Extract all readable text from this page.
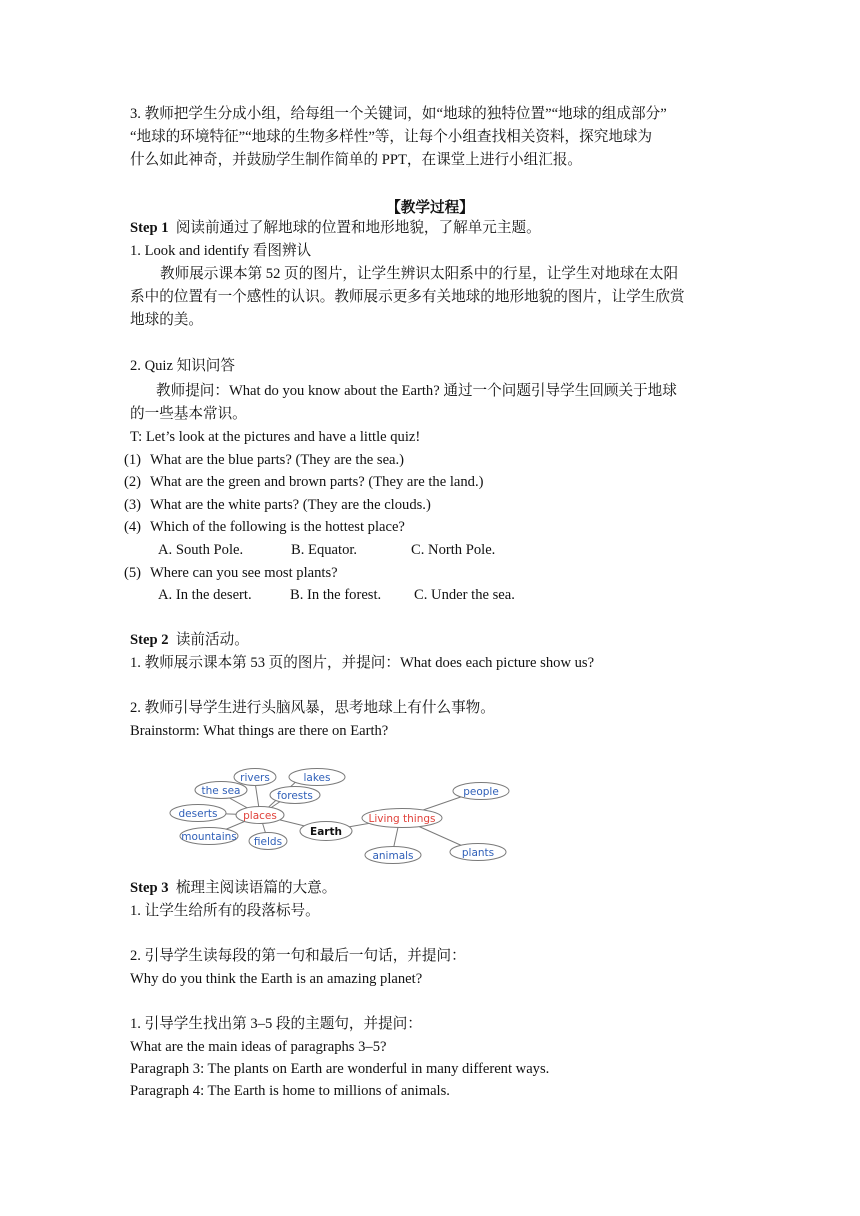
3. 教师把学生分成小组，给每组一个关键词，如“地球的独特位置”“地球的组成部分”
“地球的环境特征”“地球的生物多样性”等，让每个小组查找相关资料，探究地球为
什么如此神奇，并鼓励学生制作简单的 PPT，在课堂上进行小组汇报。
【教学过程】
Step 1 阅读前通过了解地球的位置和地形地貌，了解单元主题。
1. Look and identify 看图辨认
教师展示课本第 52 页的图片，让学生辨识太阳系中的行星，让学生对地球在太阳
系中的位置有一个感性的认识。教师展示更多有关地球的地形地貌的图片，让学生欣赏
地球的美。
2. Quiz 知识问答
教师提问：What do you know about the Earth? 通过一个问题引导学生回顾关于地球
的一些基本常识。
T: Let’s look at the pictures and have a little quiz!
(1) What are the blue parts? (They are the sea.)
(2) What are the green and brown parts? (They are the land.)
(3) What are the white parts? (They are the clouds.)
(4) Which of the following is the hottest place?
A. South Pole.	B. Equator.	C. North Pole.
(5) Where can you see most plants?
A. In the desert.	B. In the forest. C. Under the sea.
Step 2 读前活动。
1. 教师展示课本第 53 页的图片，并提问：What does each picture show us?
2. 教师引导学生进行头脑风暴，思考地球上有什么事物。
Brainstorm: What things are there on Earth?
rivers	lakes
the sea	forests
deserts places
mountains fields
Earth
Living things
people
plants
animals
Step 3 梳理主阅读语篇的大意。
1. 让学生给所有的段落标号。
2. 引导学生读每段的第一句和最后一句话，并提问：
Why do you think the Earth is an amazing planet?
1. 引导学生找出第 3–5 段的主题句，并提问：
What are the main ideas of paragraphs 3–5?
Paragraph 3: The plants on Earth are wonderful in many different ways.
Paragraph 4: The Earth is home to millions of animals.
